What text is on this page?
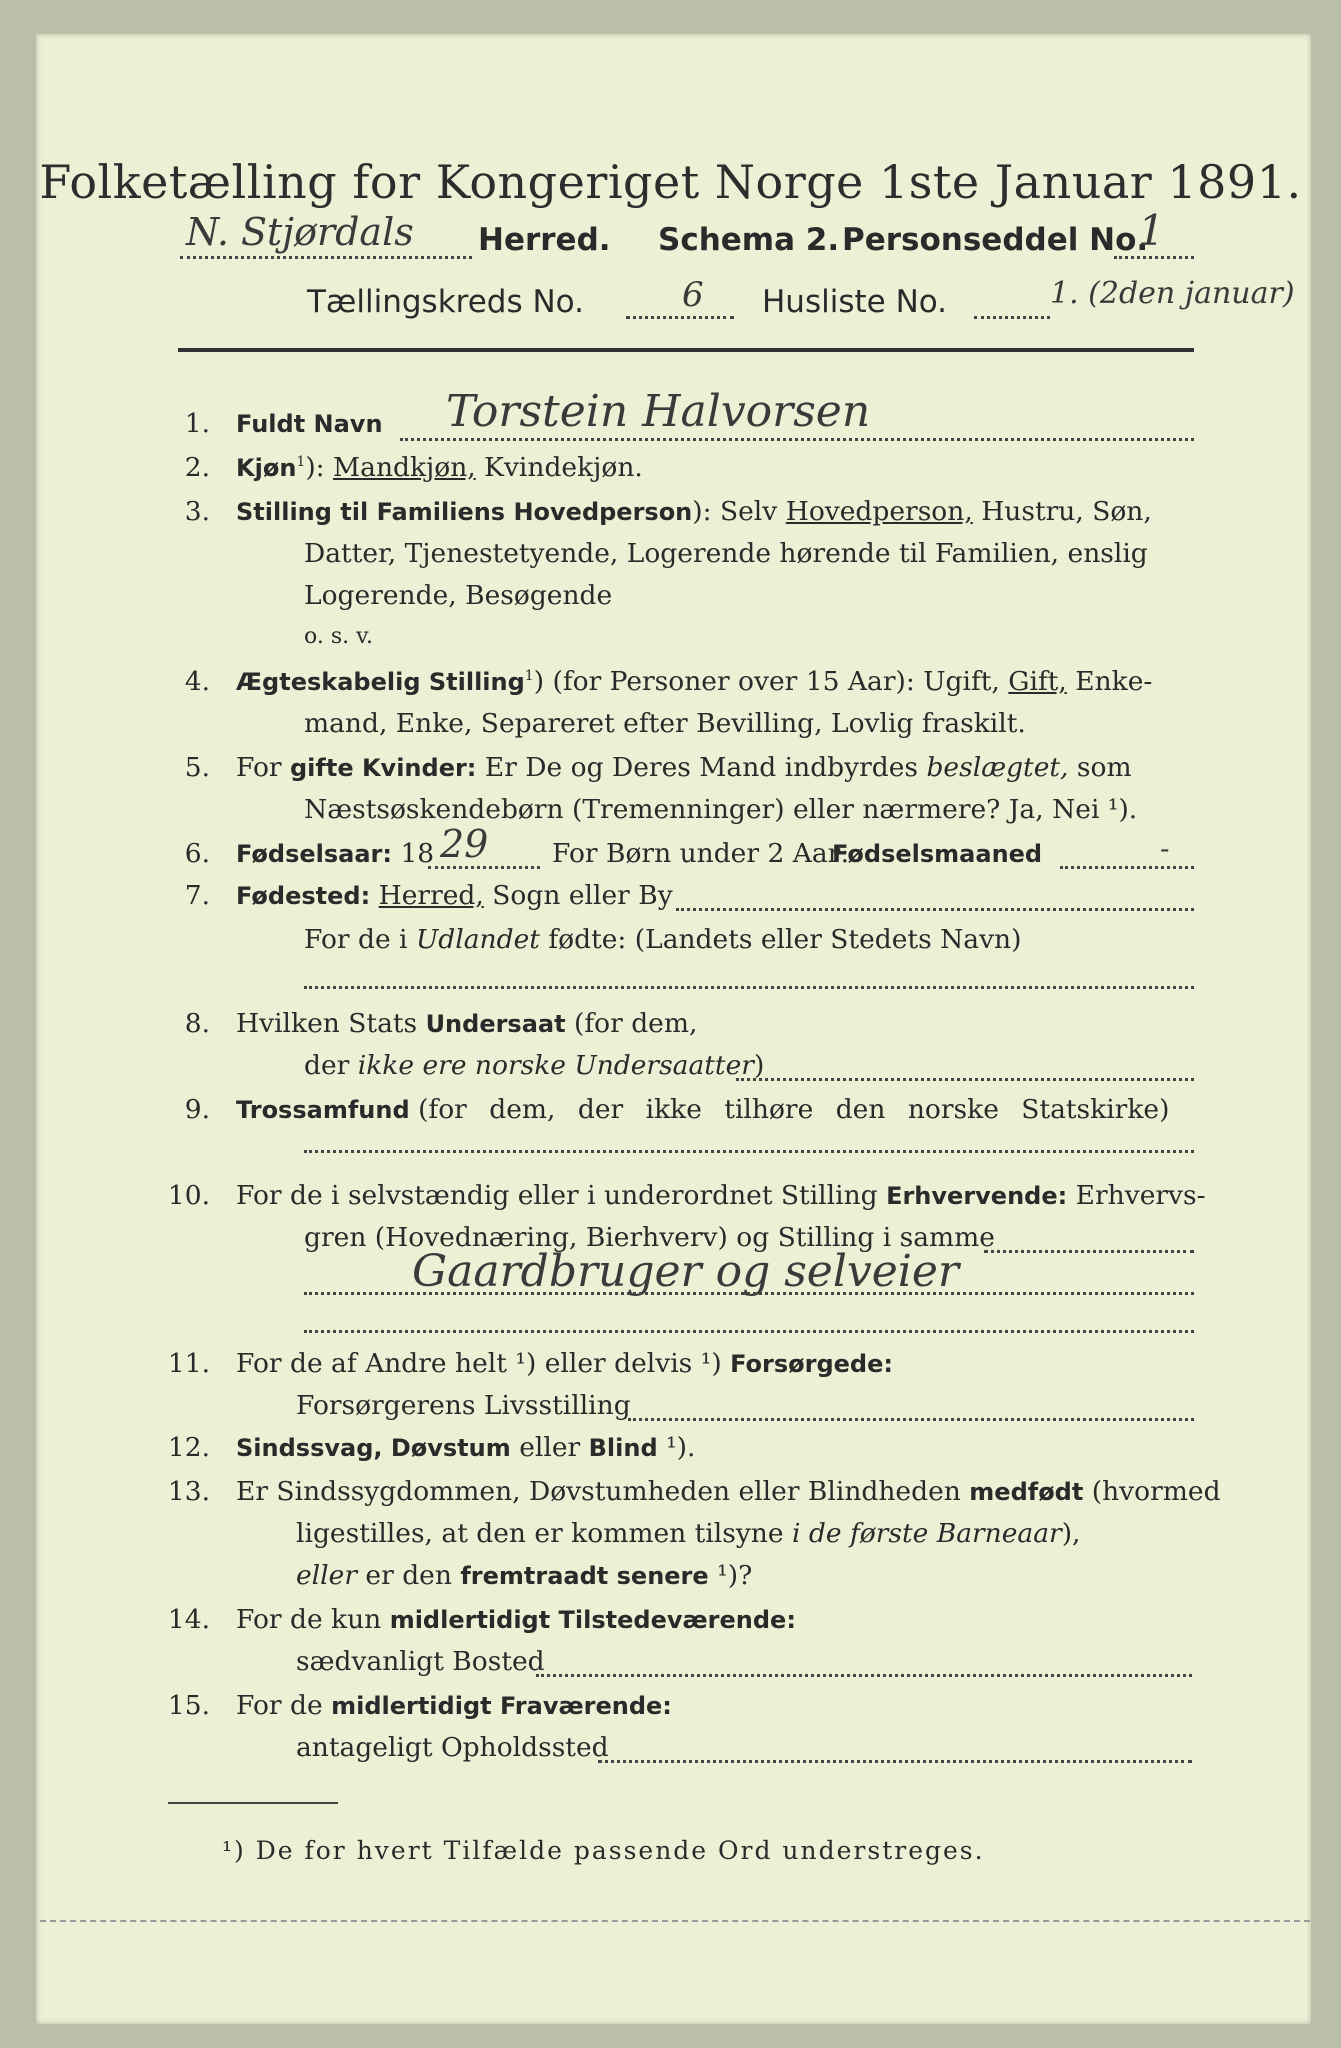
Folketælling for Kongeriget Norge 1ste Januar 1891.
N. Stjørdals Herred. Schema 2. Personseddel No.
1
Tællingskreds No.	6 Husliste No.	1. (2den januar)
1. Fuldt Navn Torstein Halvorsen
2. Kjøn$^1$): Mandkjøn, Kvindekjøn.
3. Stilling til Familiens Hovedperson): Selv Hovedperson, Hustru, Søn,
Datter, Tjenestetyende, Logerende hørende til Familien, enslig
Logerende, Besøgende
o. s. v.
4. Ægteskabelig Stilling$^1$) (for Personer over 15 Aar): Ugift, Gift, Enke-
mand, Enke, Separeret efter Bevilling, Lovlig fraskilt.
5. For gifte Kvinder: Er De og Deres Mand indbyrdes beslægtet, som
Næstsøskendebørn (Tremenninger) eller nærmere? Ja, Nei ¹).
6. Fødselsaar: 18	For Børn under 2 Aar:
Fødselsmaaned
29	-
7. Fødested: Herred, Sogn eller By
For de i Udlandet fødte: (Landets eller Stedets Navn)
8. Hvilken Stats Undersaat (for dem,
der ikke ere norske Undersaatter)
9. Trossamfund (for dem, der ikke tilhøre den norske Statskirke)
10. For de i selvstændig eller i underordnet Stilling Erhvervende: Erhvervs-
gren (Hovednæring, Bierhverv) og Stilling i samme
Gaardbruger og selveier
11. For de af Andre helt ¹) eller delvis ¹) Forsørgede:
Forsørgerens Livsstilling
12. Sindssvag, Døvstum eller Blind ¹).
13. Er Sindssygdommen, Døvstumheden eller Blindheden medfødt (hvormed
ligestilles, at den er kommen tilsyne i de første Barneaar),
eller er den fremtraadt senere ¹)?
14. For de kun midlertidigt Tilstedeværende:
sædvanligt Bosted
15. For de midlertidigt Fraværende:
antageligt Opholdssted
¹) De for hvert Tilfælde passende Ord understreges.
